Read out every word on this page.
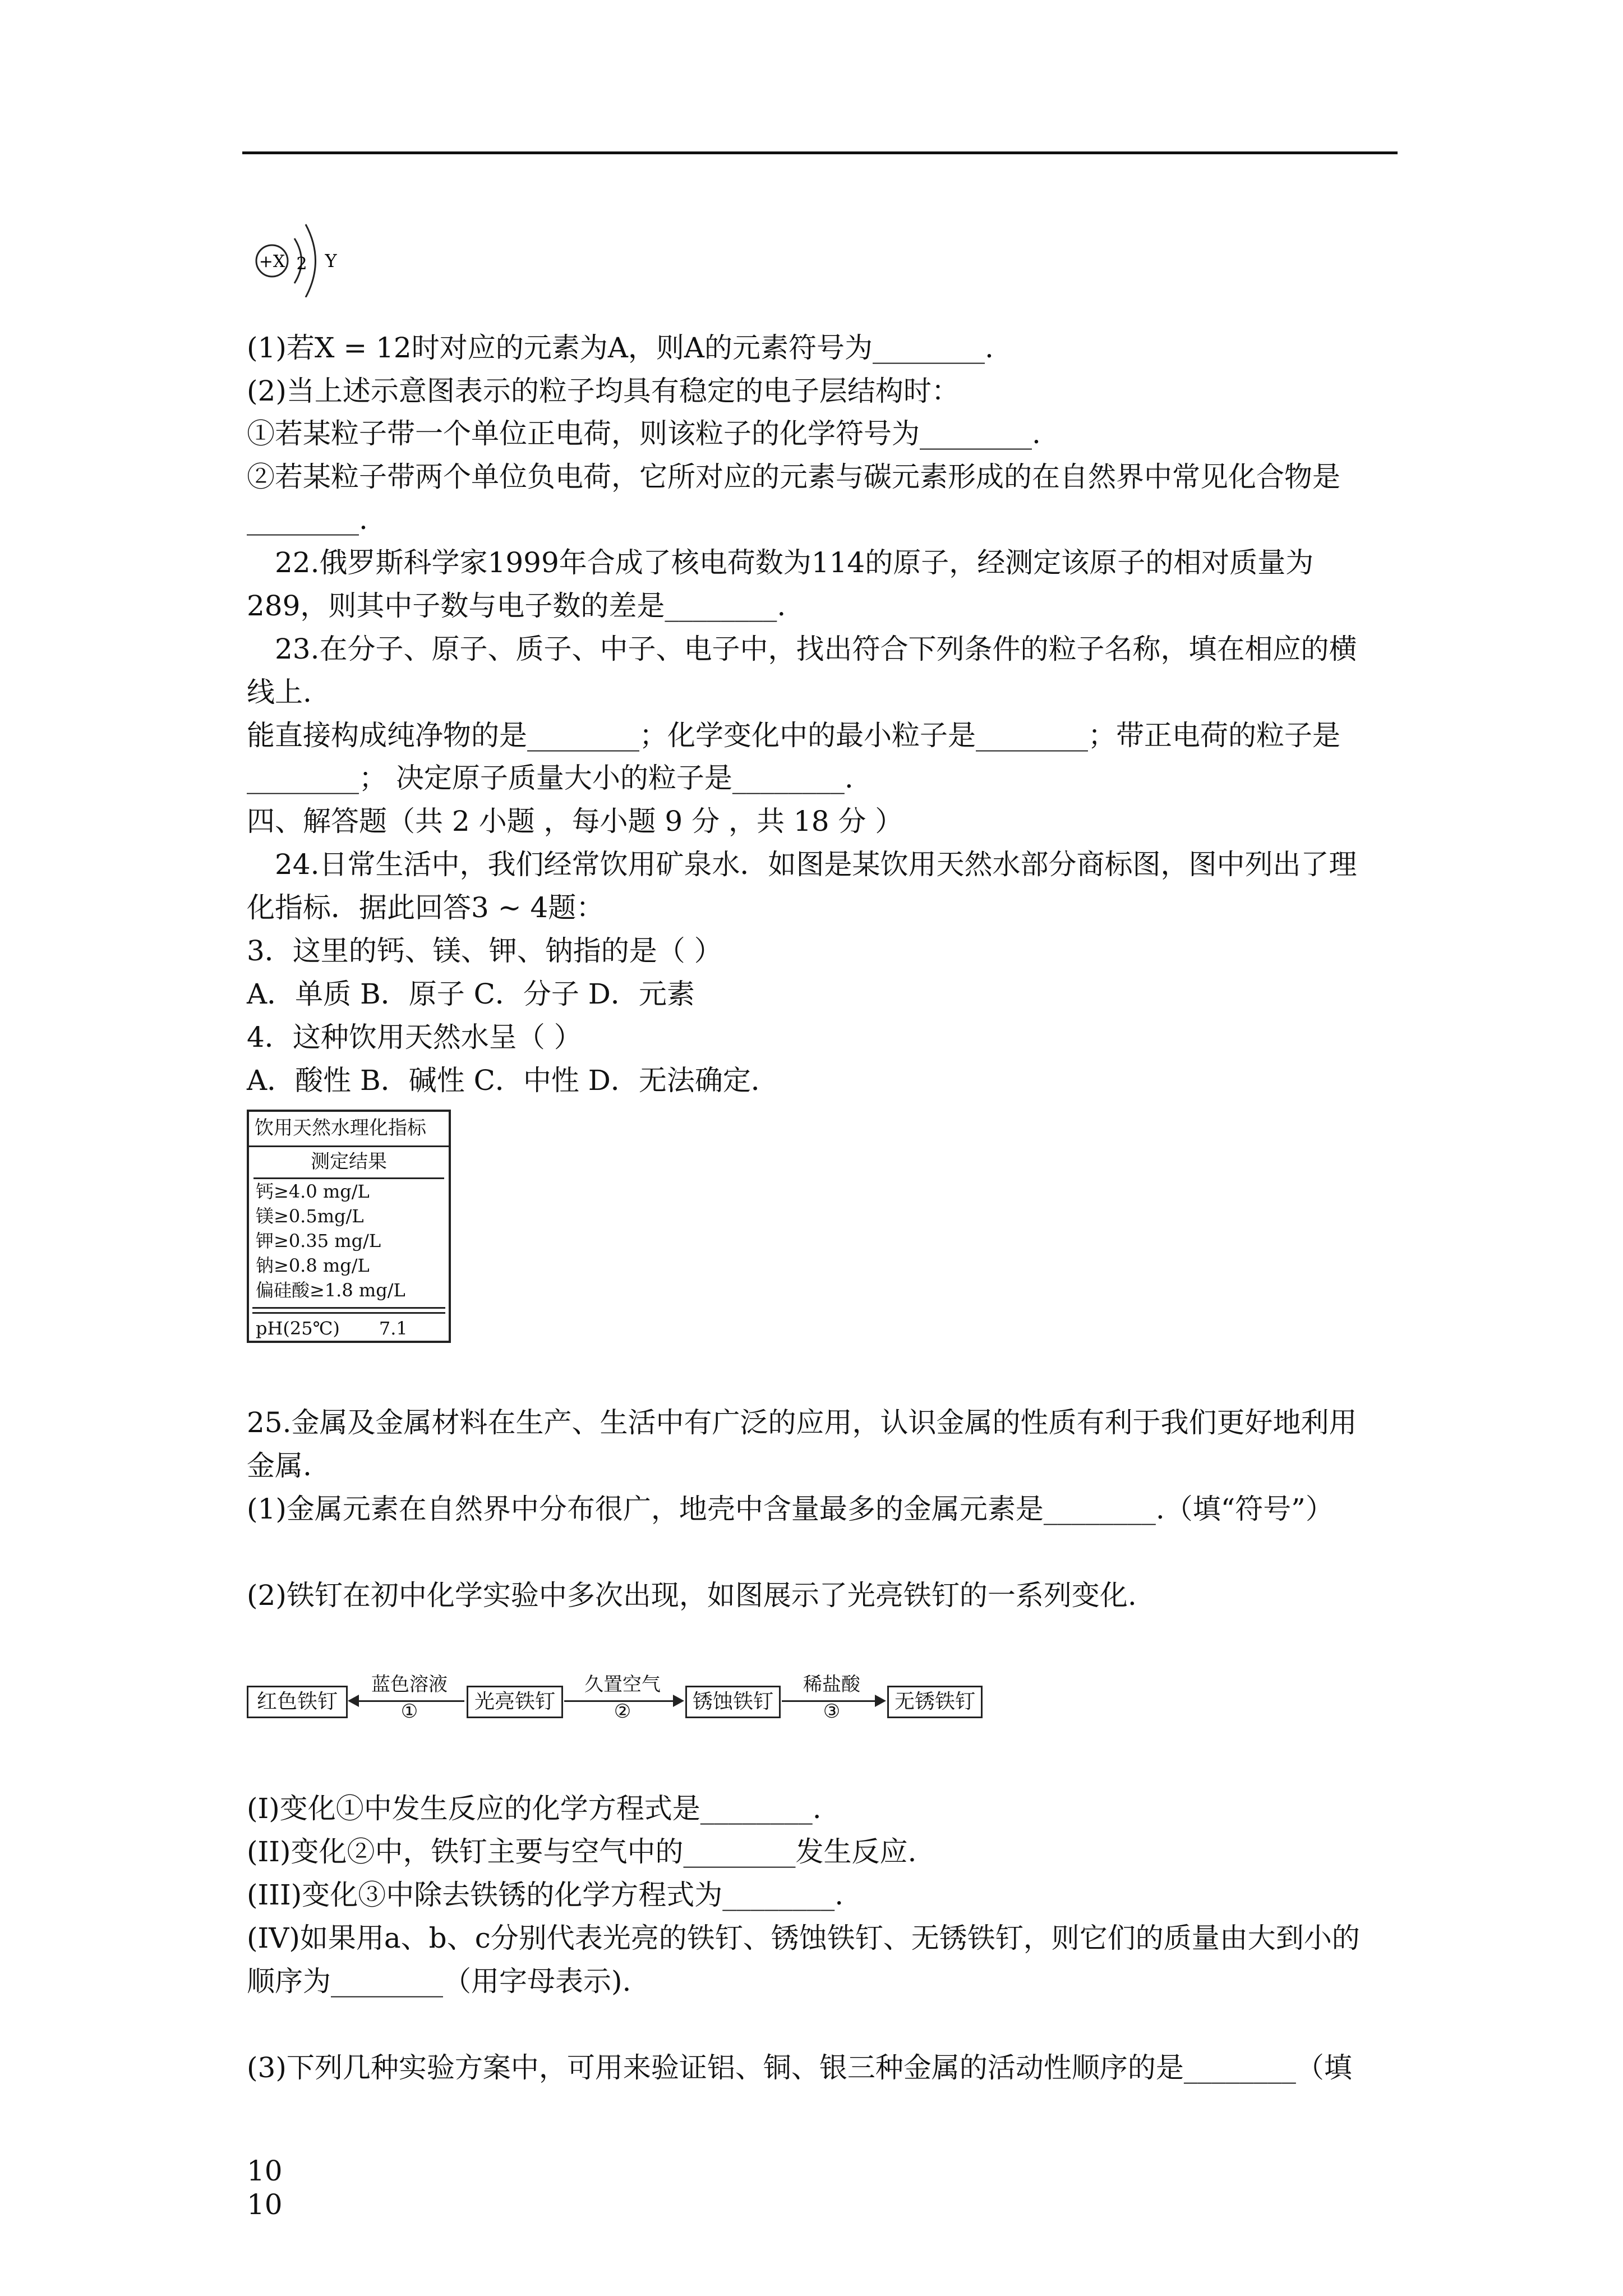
+X 2 Y
(1)若X = 12时对应的元素为A，则A的元素符号为________.
(2)当上述示意图表示的粒子均具有稳定的电子层结构时：
①若某粒子带一个单位正电荷，则该粒子的化学符号为________.
②若某粒子带两个单位负电荷，它所对应的元素与碳元素形成的在自然界中常见化合物是
________.
22.俄罗斯科学家1999年合成了核电荷数为114的原子，经测定该原子的相对质量为
289，则其中子数与电子数的差是________.
23.在分子、原子、质子、中子、电子中，找出符合下列条件的粒子名称，填在相应的横
线上.
能直接构成纯净物的是________；化学变化中的最小粒子是________；带正电荷的粒子是
________； 决定原子质量大小的粒子是________.
四、解答题（共 2 小题 ，每小题 9 分 ，共 18 分 ）
24.日常生活中，我们经常饮用矿泉水．如图是某饮用天然水部分商标图，图中列出了理
化指标．据此回答3 ~ 4题：
3．这里的钙、镁、钾、钠指的是（ ）
A．单质 B．原子 C．分子 D．元素
4．这种饮用天然水呈（ ）
A．酸性 B．碱性 C．中性 D．无法确定．
饮用天然水理化指标
测定结果
钙≥4.0 mg/L
镁≥0.5mg/L
钾≥0.35 mg/L
钠≥0.8 mg/L
偏硅酸≥1.8 mg/L
pH(25℃) 7.1
25.金属及金属材料在生产、生活中有广泛的应用，认识金属的性质有利于我们更好地利用
金属.
(1)金属元素在自然界中分布很广，地壳中含量最多的金属元素是________.（填“符号”）
(2)铁钉在初中化学实验中多次出现，如图展示了光亮铁钉的一系列变化.
红色铁钉
蓝色溶液
①	光亮铁钉
久置空气
②	锈蚀铁钉
稀盐酸
③	无锈铁钉
(I)变化①中发生反应的化学方程式是________.
(II)变化②中，铁钉主要与空气中的________发生反应.
(III)变化③中除去铁锈的化学方程式为________.
(IV)如果用a、b、c分别代表光亮的铁钉、锈蚀铁钉、无锈铁钉，则它们的质量由大到小的
顺序为________（用字母表示).
(3)下列几种实验方案中，可用来验证铝、铜、银三种金属的活动性顺序的是________（填
10
10
